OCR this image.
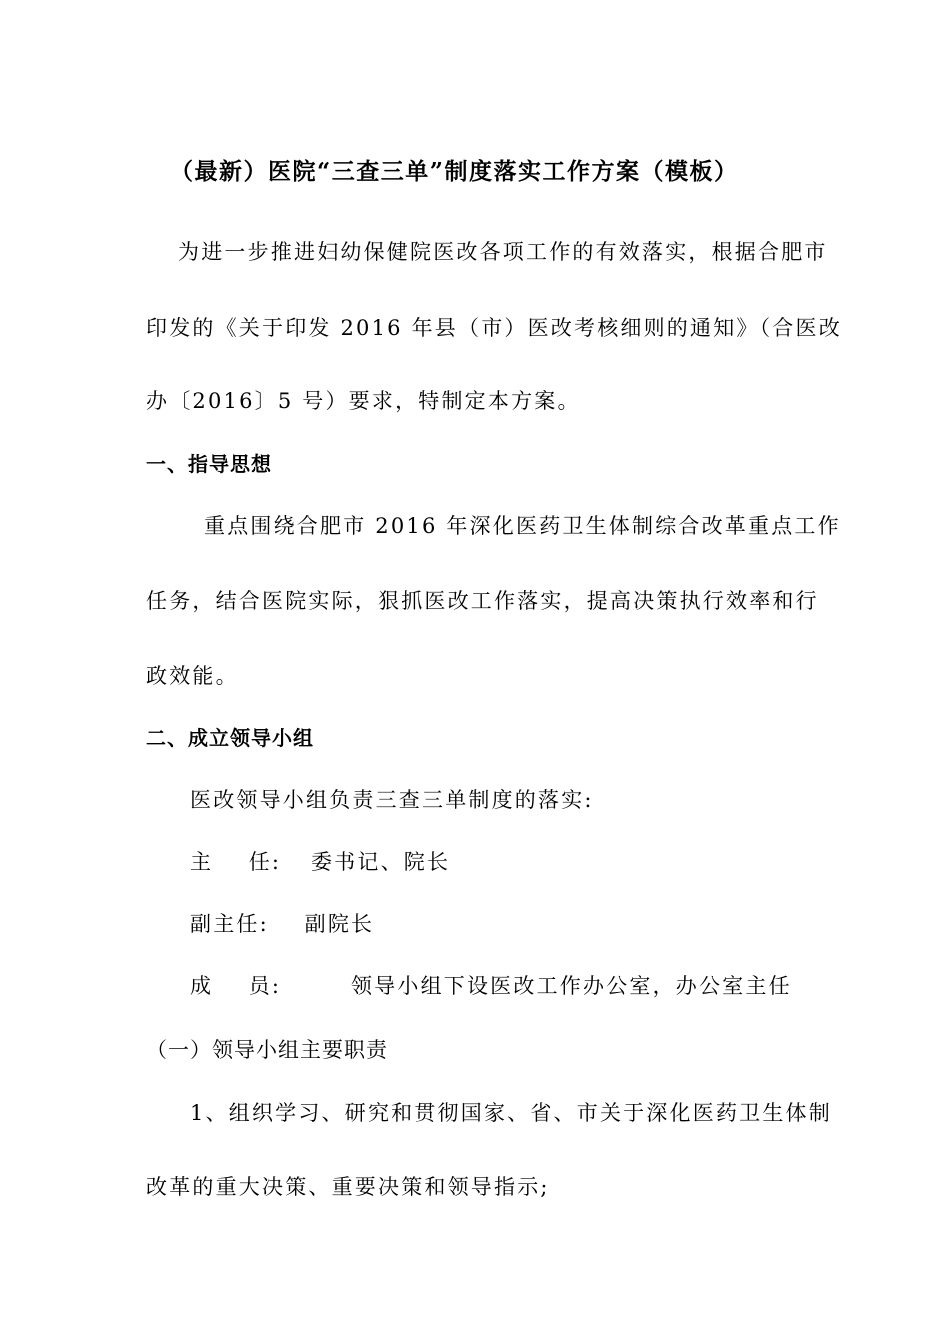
（最新）医院“三查三单”制度落实工作方案（模板）
为进一步推进妇幼保健院医改各项工作的有效落实，根据合肥市
印发的《关于印发 2016 年县（市）医改考核细则的通知》（合医改
办〔2016〕5 号）要求，特制定本方案。
一、指导思想
重点围绕合肥市 2016 年深化医药卫生体制综合改革重点工作
任务，结合医院实际，狠抓医改工作落实，提高决策执行效率和行
政效能。
二、成立领导小组
医改领导小组负责三查三单制度的落实:
主    任: 委书记、院长
副主任: 副院长
成    员:	领导小组下设医改工作办公室，办公室主任
（一）领导小组主要职责
1、组织学习、研究和贯彻国家、省、市关于深化医药卫生体制
改革的重大决策、重要决策和领导指示;
